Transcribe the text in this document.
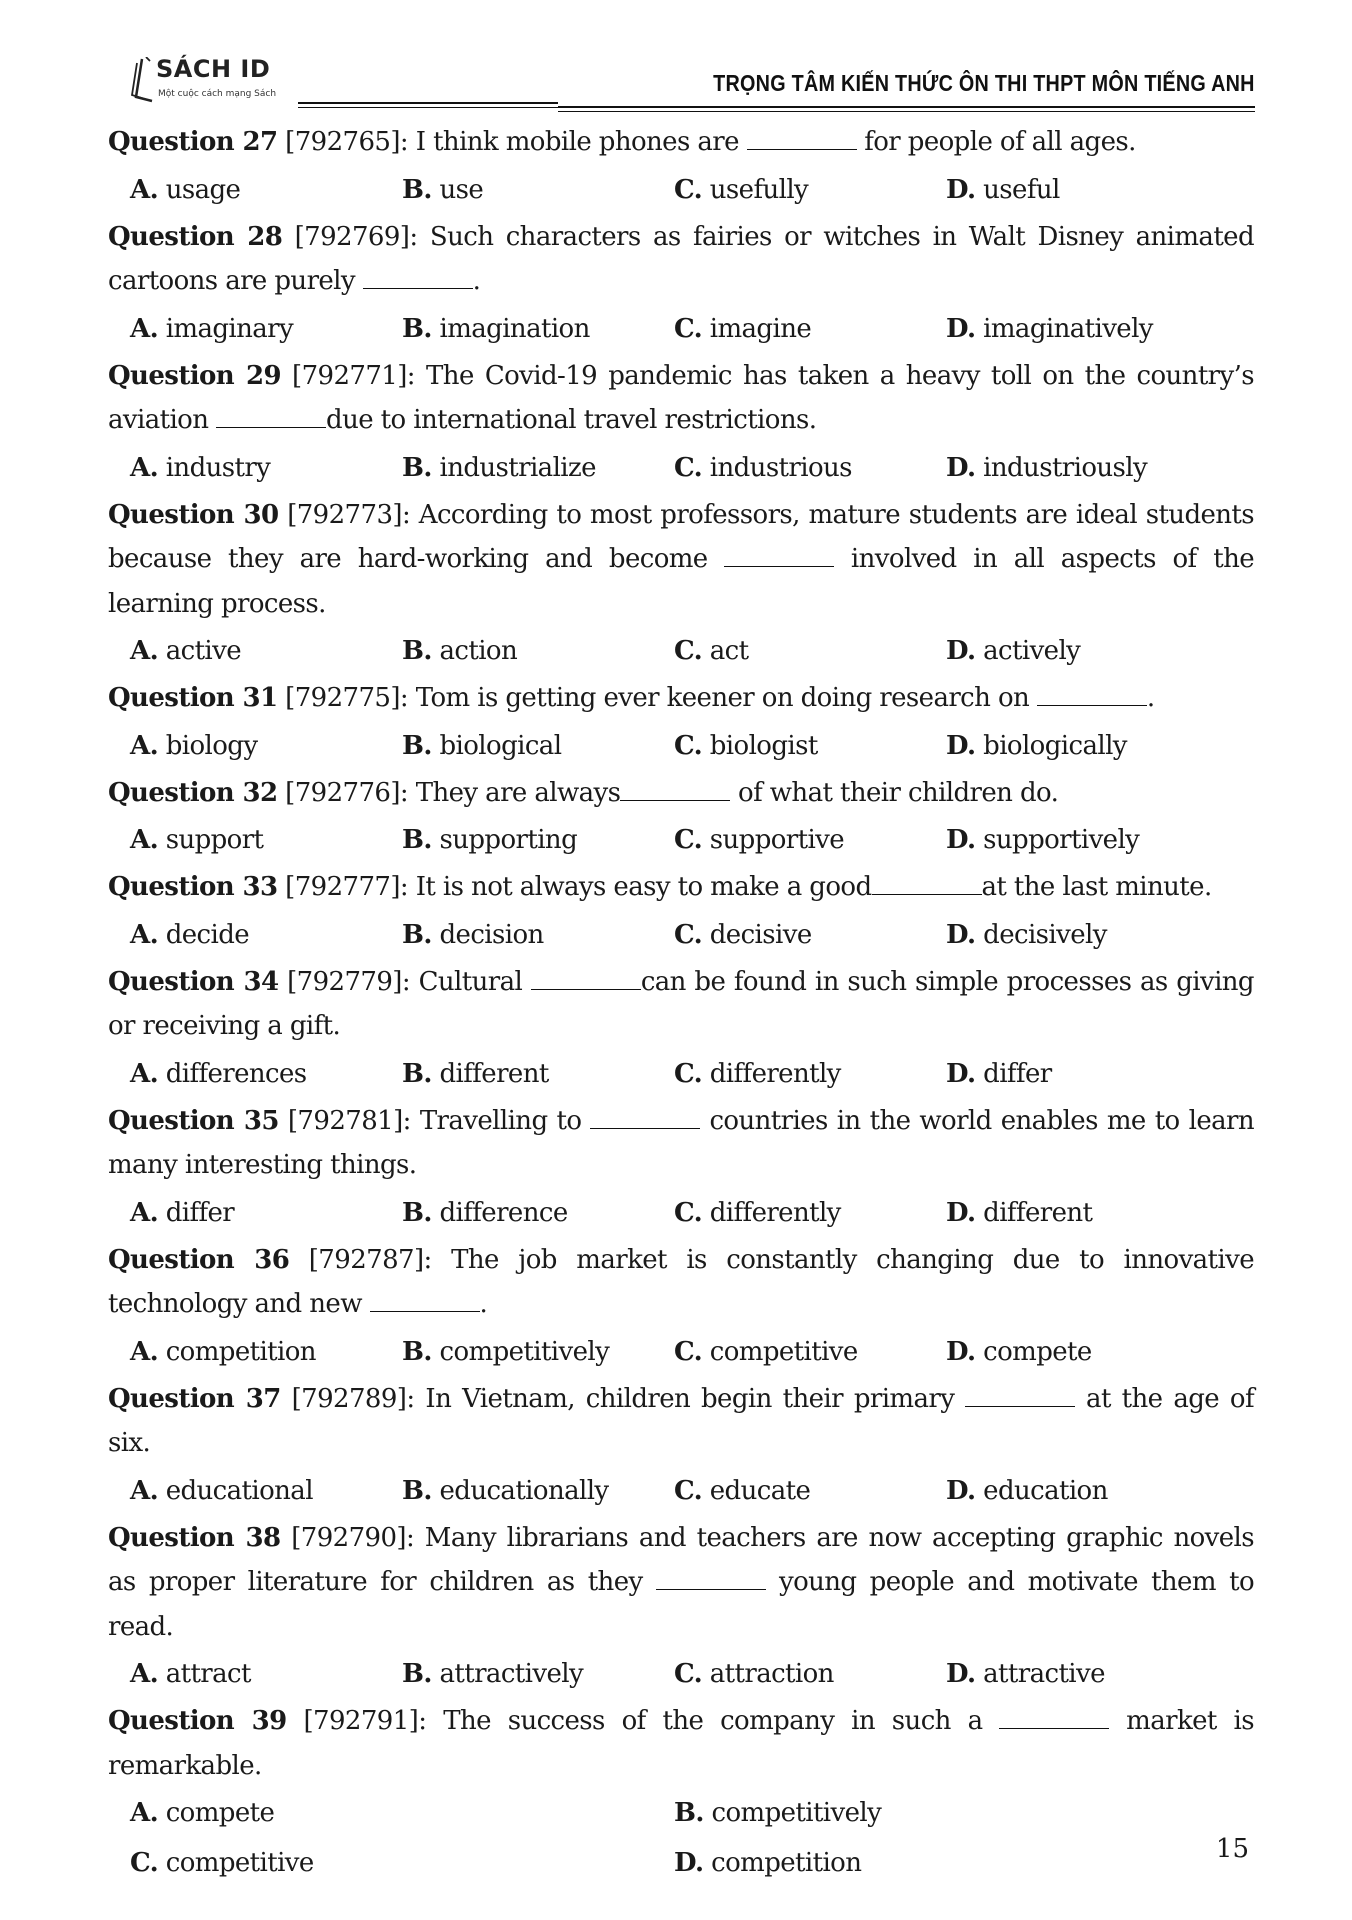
SÁCH ID
Một cuộc cách mạng Sách	TRỌNG TÂM KIẾN THỨC ÔN THI THPT MÔN TIẾNG ANH
Question 27 [792765]: I think mobile phones are	for people of all ages.
A. usage	B. use	C. usefully	D. useful
Question 28 [792769]: Such characters as fairies or witches in Walt Disney animated cartoons are purely	.
A. imaginary	B. imagination	C. imagine	D. imaginatively
Question 29 [792771]: The Covid-19 pandemic has taken a heavy toll on the country’s aviation	due to international travel restrictions.
A. industry	B. industrialize	C. industrious	D. industriously
Question 30 [792773]: According to most professors, mature students are ideal students because they are hard-working and become	involved in all aspects of the learning process.
A. active	B. action	C. act	D. actively
Question 31 [792775]: Tom is getting ever keener on doing research on	.
A. biology	B. biological	C. biologist	D. biologically
Question 32 [792776]: They are always	of what their children do.
A. support	B. supporting	C. supportive	D. supportively
Question 33 [792777]: It is not always easy to make a good	at the last minute.
A. decide	B. decision	C. decisive	D. decisively
Question 34 [792779]: Cultural	can be found in such simple processes as giving or receiving a gift.
A. differences	B. different	C. differently	D. differ
Question 35 [792781]: Travelling to	countries in the world enables me to learn many interesting things.
A. differ	B. difference	C. differently	D. different
Question 36 [792787]: The job market is constantly changing due to innovative technology and new	.
A. competition	B. competitively	C. competitive	D. compete
Question 37 [792789]: In Vietnam, children begin their primary	at the age of six.
A. educational	B. educationally	C. educate	D. education
Question 38 [792790]: Many librarians and teachers are now accepting graphic novels as proper literature for children as they	young people and motivate them to read.
A. attract	B. attractively	C. attraction	D. attractive
Question 39 [792791]: The success of the company in such a	market is remarkable.
A. compete	B. competitively
C. competitive	D. competition	15
